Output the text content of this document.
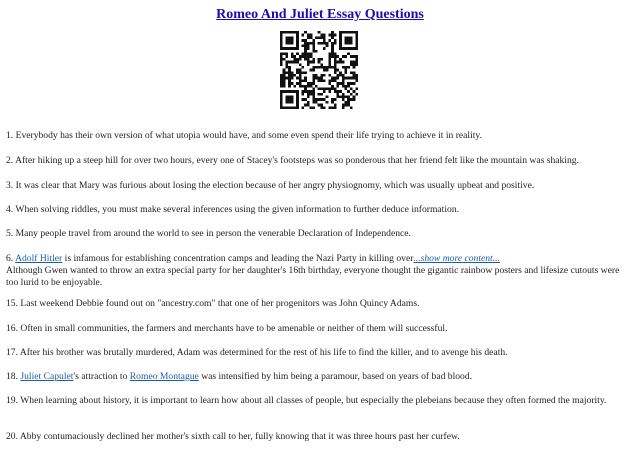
Romeo And Juliet Essay Questions

1. Everybody has their own version of what utopia would have, and some even spend their life trying to achieve it in reality.

2. After hiking up a steep hill for over two hours, every one of Stacey's footsteps was so ponderous that her friend felt like the mountain was shaking.

3. It was clear that Mary was furious about losing the election because of her angry physiognomy, which was usually upbeat and positive.

4. When solving riddles, you must make several inferences using the given information to further deduce information.

5. Many people travel from around the world to see in person the venerable Declaration of Independence.

6. Adolf Hitler is infamous for establishing concentration camps and leading the Nazi Party in killing over...show more content...
Although Gwen wanted to throw an extra special party for her daughter's 16th birthday, everyone thought the gigantic rainbow posters and lifesize cutouts were too lurid to be enjoyable.

15. Last weekend Debbie found out on "ancestry.com" that one of her progenitors was John Quincy Adams.

16. Often in small communities, the farmers and merchants have to be amenable or neither of them will successful.

17. After his brother was brutally murdered, Adam was determined for the rest of his life to find the killer, and to avenge his death.

18. Juliet Capulet's attraction to Romeo Montague was intensified by him being a paramour, based on years of bad blood.

19. When learning about history, it is important to learn how about all classes of people, but especially the plebeians because they often formed the majority.

20. Abby contumaciously declined her mother's sixth call to her, fully knowing that it was three hours past her curfew.
